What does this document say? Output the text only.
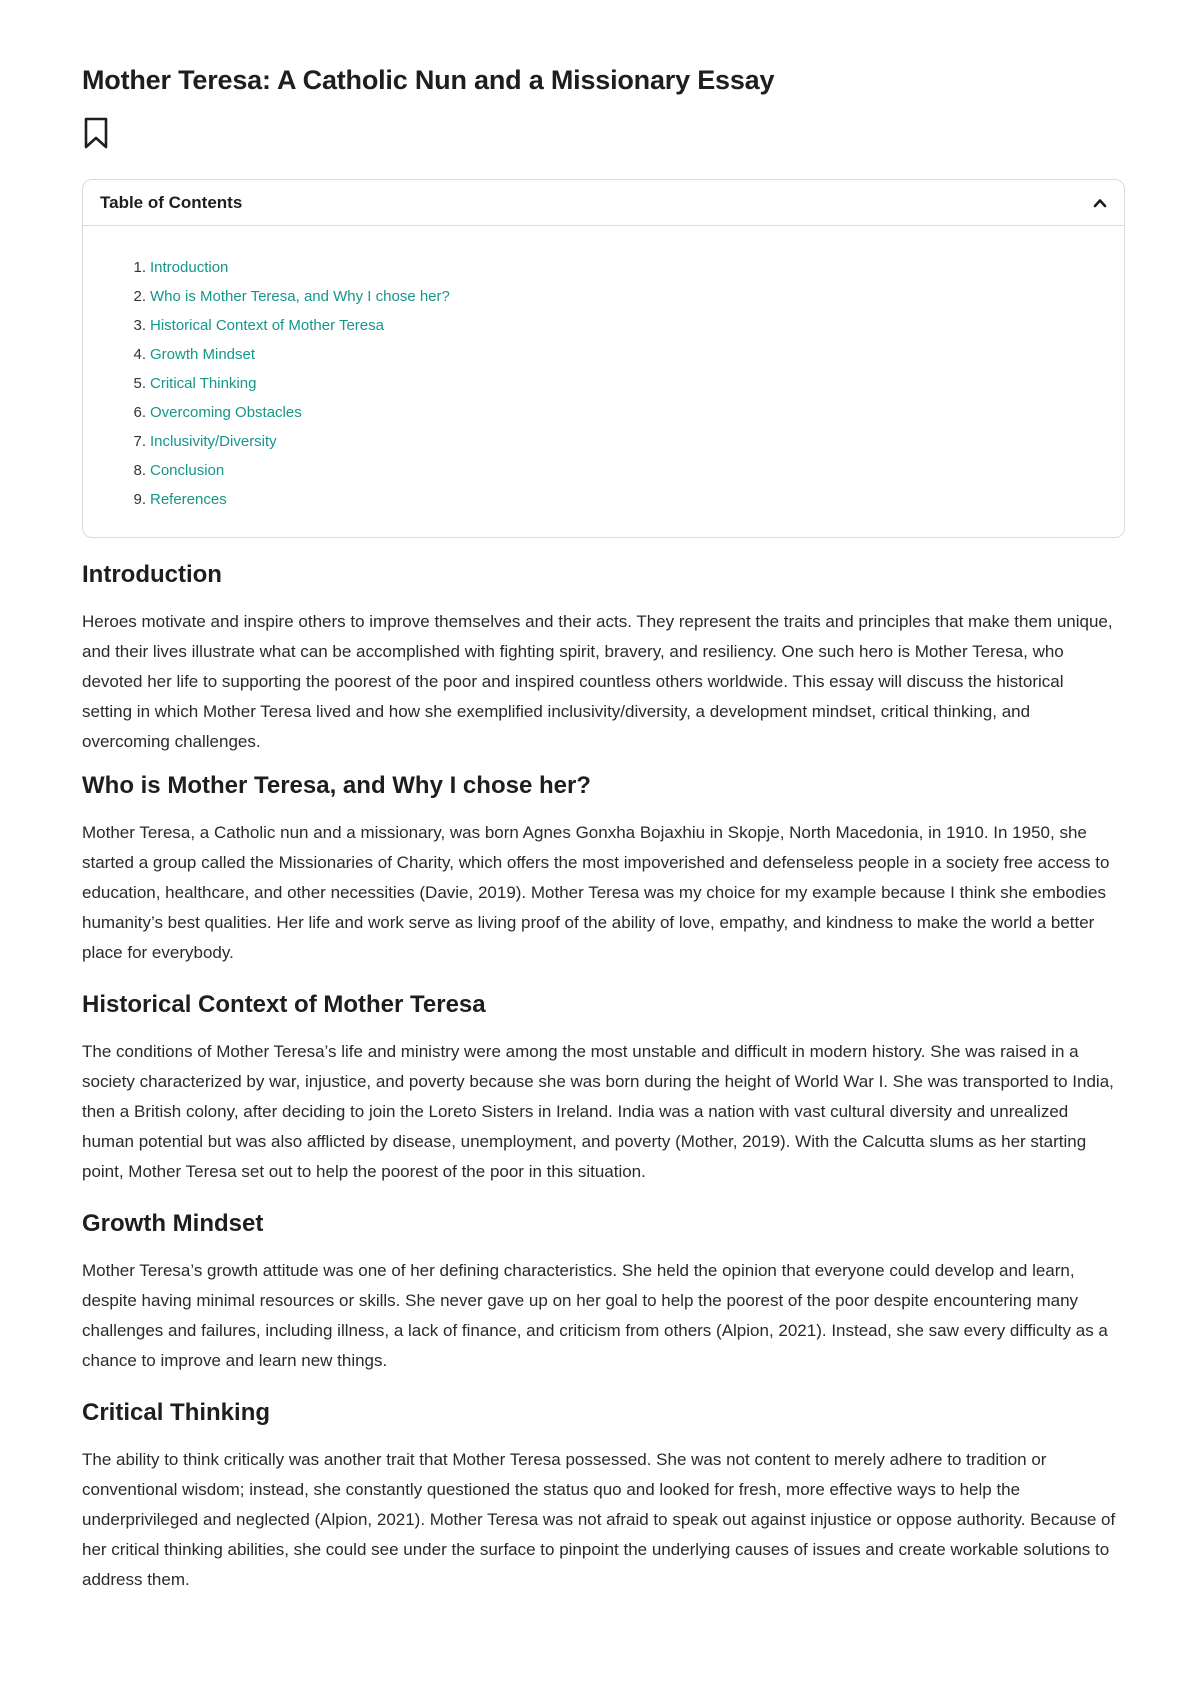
Mother Teresa: A Catholic Nun and a Missionary Essay
Table of Contents
1. Introduction
2. Who is Mother Teresa, and Why I chose her?
3. Historical Context of Mother Teresa
4. Growth Mindset
5. Critical Thinking
6. Overcoming Obstacles
7. Inclusivity/Diversity
8. Conclusion
9. References
Introduction

Heroes motivate and inspire others to improve themselves and their acts. They represent the traits and principles that make them unique, and their lives illustrate what can be accomplished with fighting spirit, bravery, and resiliency. One such hero is Mother Teresa, who devoted her life to supporting the poorest of the poor and inspired countless others worldwide. This essay will discuss the historical setting in which Mother Teresa lived and how she exemplified inclusivity/diversity, a development mindset, critical thinking, and overcoming challenges.

Who is Mother Teresa, and Why I chose her?

Mother Teresa, a Catholic nun and a missionary, was born Agnes Gonxha Bojaxhiu in Skopje, North Macedonia, in 1910. In 1950, she started a group called the Missionaries of Charity, which offers the most impoverished and defenseless people in a society free access to education, healthcare, and other necessities (Davie, 2019). Mother Teresa was my choice for my example because I think she embodies humanity’s best qualities. Her life and work serve as living proof of the ability of love, empathy, and kindness to make the world a better place for everybody.

Historical Context of Mother Teresa

The conditions of Mother Teresa’s life and ministry were among the most unstable and difficult in modern history. She was raised in a society characterized by war, injustice, and poverty because she was born during the height of World War I. She was transported to India, then a British colony, after deciding to join the Loreto Sisters in Ireland. India was a nation with vast cultural diversity and unrealized human potential but was also afflicted by disease, unemployment, and poverty (Mother, 2019). With the Calcutta slums as her starting point, Mother Teresa set out to help the poorest of the poor in this situation.

Growth Mindset

Mother Teresa’s growth attitude was one of her defining characteristics. She held the opinion that everyone could develop and learn, despite having minimal resources or skills. She never gave up on her goal to help the poorest of the poor despite encountering many challenges and failures, including illness, a lack of finance, and criticism from others (Alpion, 2021). Instead, she saw every difficulty as a chance to improve and learn new things.

Critical Thinking

The ability to think critically was another trait that Mother Teresa possessed. She was not content to merely adhere to tradition or conventional wisdom; instead, she constantly questioned the status quo and looked for fresh, more effective ways to help the underprivileged and neglected (Alpion, 2021). Mother Teresa was not afraid to speak out against injustice or oppose authority. Because of her critical thinking abilities, she could see under the surface to pinpoint the underlying causes of issues and create workable solutions to address them.
